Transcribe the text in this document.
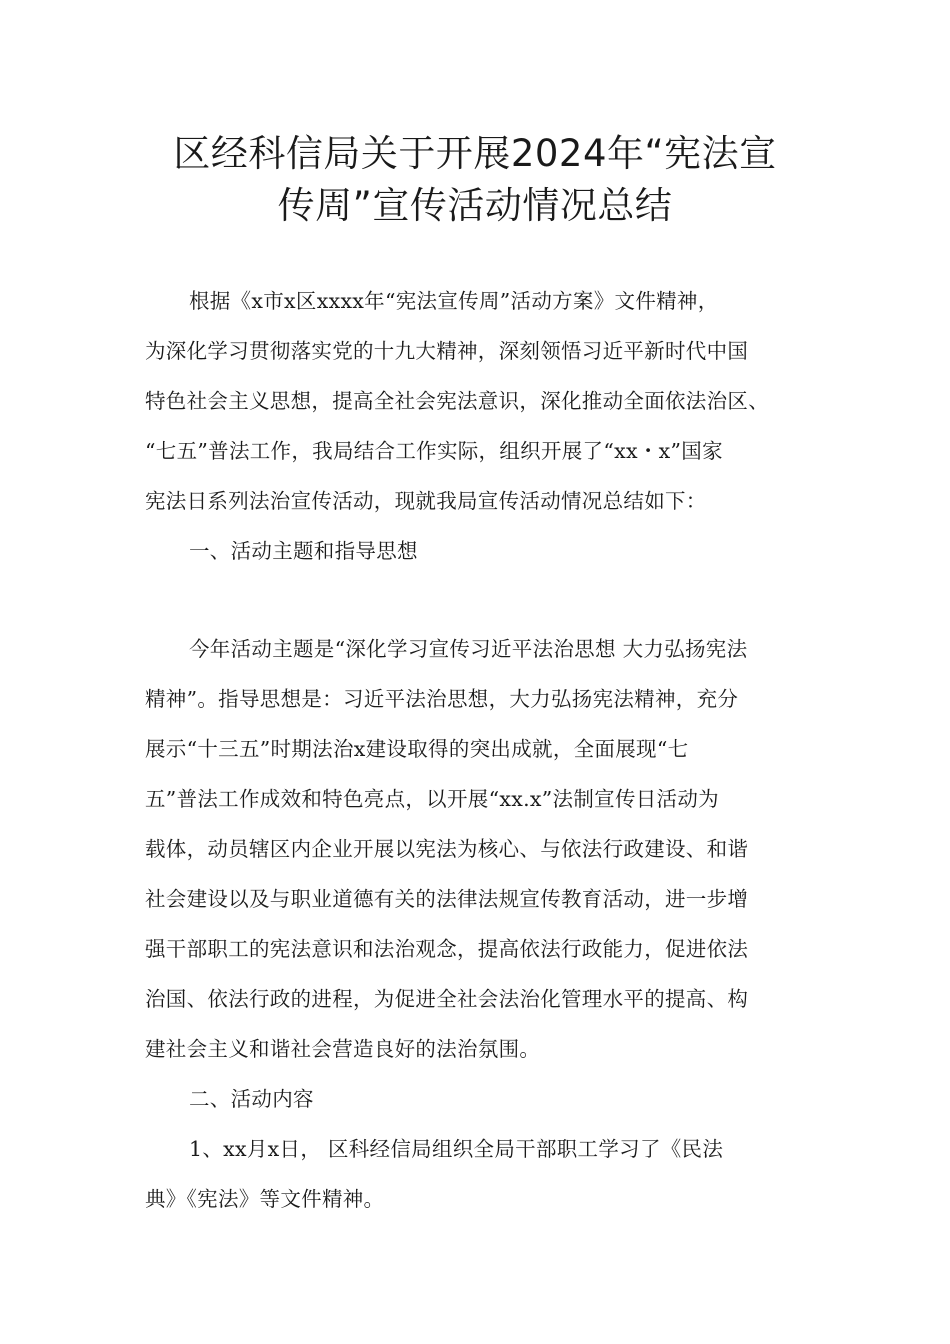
区经科信局关于开展2024年“宪法宣
传周”宣传活动情况总结
根据《x市x区xxxx年“宪法宣传周”活动方案》文件精神，
为深化学习贯彻落实党的十九大精神，深刻领悟习近平新时代中国
特色社会主义思想，提高全社会宪法意识，深化推动全面依法治区、
“七五”普法工作，我局结合工作实际，组织开展了“xx・x”国家
宪法日系列法治宣传活动，现就我局宣传活动情况总结如下：
一、活动主题和指导思想
今年活动主题是“深化学习宣传习近平法治思想 大力弘扬宪法
精神”。指导思想是：习近平法治思想，大力弘扬宪法精神，充分
展示“十三五”时期法治x建设取得的突出成就，全面展现“七
五”普法工作成效和特色亮点，以开展“xx.x”法制宣传日活动为
载体，动员辖区内企业开展以宪法为核心、与依法行政建设、和谐
社会建设以及与职业道德有关的法律法规宣传教育活动，进一步增
强干部职工的宪法意识和法治观念，提高依法行政能力，促进依法
治国、依法行政的进程，为促进全社会法治化管理水平的提高、构
建社会主义和谐社会营造良好的法治氛围。
二、活动内容
1、xx月x日， 区科经信局组织全局干部职工学习了《民法
典》《宪法》等文件精神。
